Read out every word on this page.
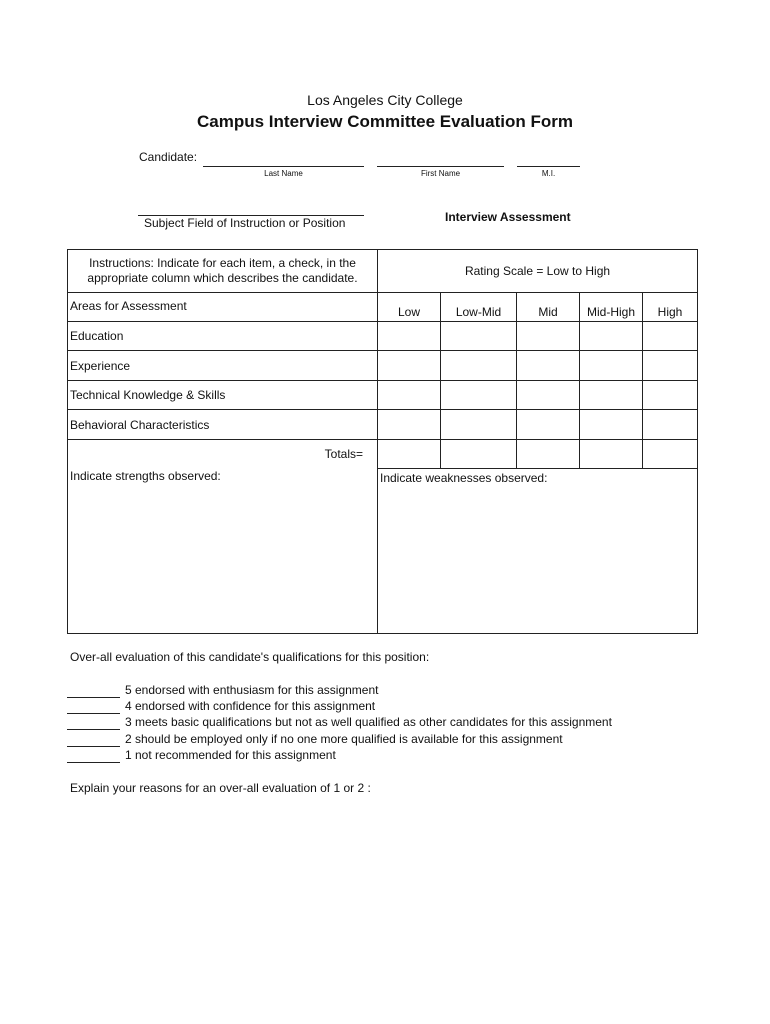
Los Angeles City College
Campus Interview Committee Evaluation Form
Candidate:
Last Name	First Name	M.I.
Subject Field of Instruction or Position	Interview Assessment
Instructions: Indicate for each item, a check, in the appropriate column which describes the candidate.	Rating Scale = Low to High				
Areas for Assessment	Low	Low-Mid	Mid	Mid-High	High
Education					
Experience					
Technical Knowledge & Skills					
Behavioral Characteristics					
Totals=					
Indicate strengths observed:	Indicate weaknesses observed:				
Over-all evaluation of this candidate's qualifications for this position:
5 endorsed with enthusiasm for this assignment
4 endorsed with confidence for this assignment
3 meets basic qualifications but not as well qualified as other candidates for this assignment
2 should be employed only if no one more qualified is available for this assignment
1 not recommended for this assignment
Explain your reasons for an over-all evaluation of 1 or 2 :
